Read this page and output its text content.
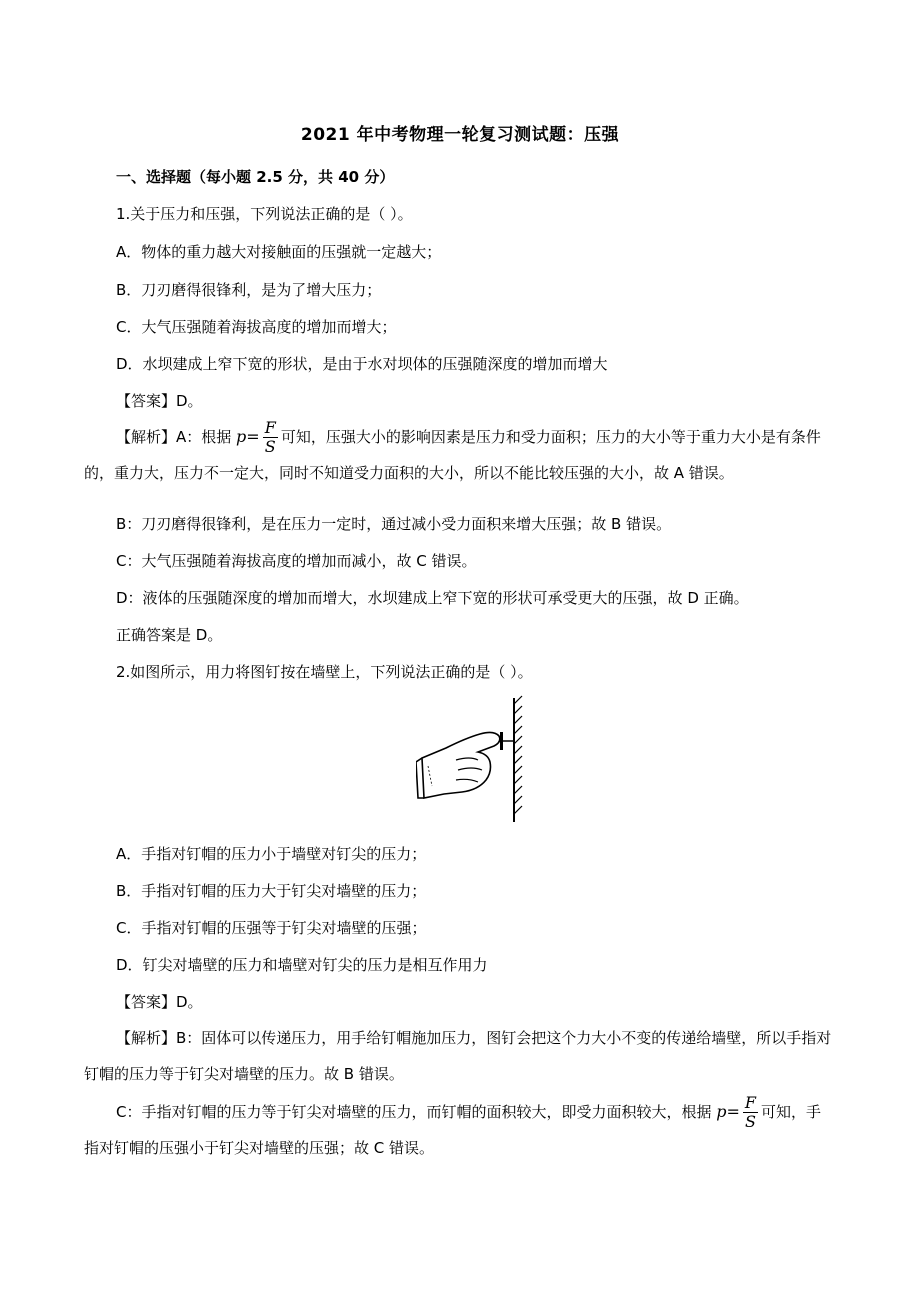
2021 年中考物理一轮复习测试题：压强
一、选择题（每小题 2.5 分，共 40 分）
1.关于压力和压强，下列说法正确的是（ ）。
A．物体的重力越大对接触面的压强就一定越大；
B．刀刃磨得很锋利，是为了增大压力；
C．大气压强随着海拔高度的增加而增大；
D．水坝建成上窄下宽的形状，是由于水对坝体的压强随深度的增加而增大
【答案】D。
【解析】A：根据 $p= \frac{F}{S}$ 可知，压强大小的影响因素是压力和受力面积；压力的大小等于重力大小是有条件的，重力大，压力不一定大，同时不知道受力面积的大小，所以不能比较压强的大小，故 A 错误。
B：刀刃磨得很锋利，是在压力一定时，通过减小受力面积来增大压强；故 B 错误。
C：大气压强随着海拔高度的增加而减小，故 C 错误。
D：液体的压强随深度的增加而增大，水坝建成上窄下宽的形状可承受更大的压强，故 D 正确。
正确答案是 D。
2.如图所示，用力将图钉按在墙壁上，下列说法正确的是（ ）。
A．手指对钉帽的压力小于墙壁对钉尖的压力；
B．手指对钉帽的压力大于钉尖对墙壁的压力；
C．手指对钉帽的压强等于钉尖对墙壁的压强；
D．钉尖对墙壁的压力和墙壁对钉尖的压力是相互作用力
【答案】D。
【解析】B：固体可以传递压力，用手给钉帽施加压力，图钉会把这个力大小不变的传递给墙壁，所以手指对钉帽的压力等于钉尖对墙壁的压力。故 B 错误。
C：手指对钉帽的压力等于钉尖对墙壁的压力，而钉帽的面积较大，即受力面积较大，根据 $p= \frac{F}{S}$ 可知，手指对钉帽的压强小于钉尖对墙壁的压强；故 C 错误。
